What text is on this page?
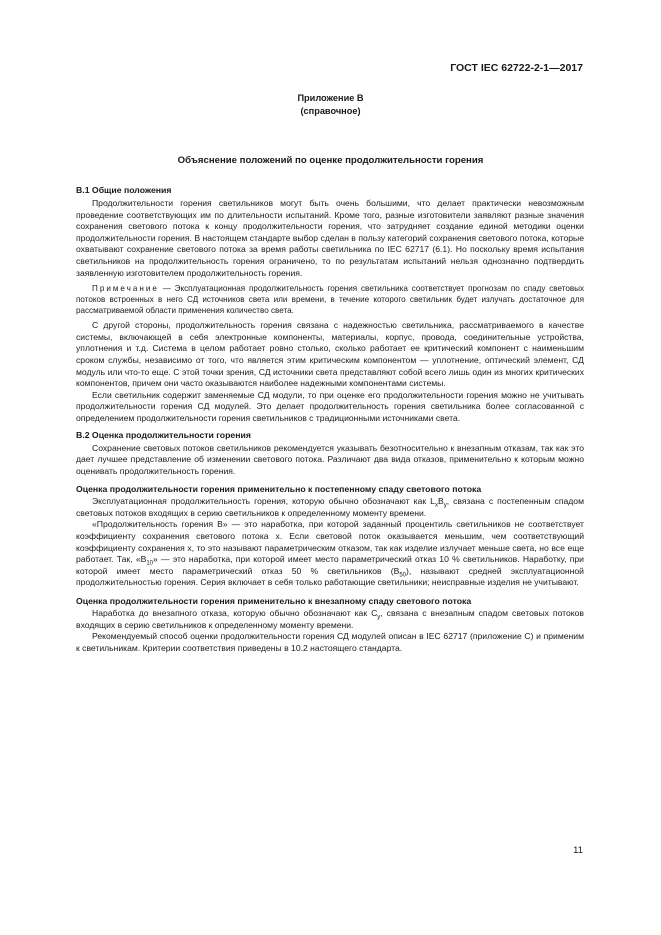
ГОСТ IEC 62722-2-1—2017
Приложение В
(справочное)
Объяснение положений по оценке продолжительности горения
В.1 Общие положения

Продолжительности горения светильников могут быть очень большими, что делает практически невозможным проведение соответствующих им по длительности испытаний. Кроме того, разные изготовители заявляют разные значения сохранения светового потока к концу продолжительности горения, что затрудняет создание единой методики оценки продолжительности горения. В настоящем стандарте выбор сделан в пользу категорий сохранения светового потока, которые охватывают сохранение светового потока за время работы светильника по IEC 62717 (6.1). Но поскольку время испытания светильников на продолжительность горения ограничено, то по результатам испытаний нельзя однозначно подтвердить заявленную изготовителем продолжительность горения.

Примечание — Эксплуатационная продолжительность горения светильника соответствует прогнозам по спаду световых потоков встроенных в него СД источников света или времени, в течение которого светильник будет излучать достаточное для рассматриваемой области применения количество света.

С другой стороны, продолжительность горения связана с надежностью светильника, рассматриваемого в качестве системы, включающей в себя электронные компоненты, материалы, корпус, провода, соединительные устройства, уплотнения и т.д. Система в целом работает ровно столько, сколько работает ее критический компонент с наименьшим сроком службы, независимо от того, что является этим критическим компонентом — уплотнение, оптический элемент, СД модуль или что-то еще. С этой точки зрения, СД источники света представляют собой всего лишь один из многих критических компонентов, причем они часто оказываются наиболее надежными компонентами системы.

Если светильник содержит заменяемые СД модули, то при оценке его продолжительности горения можно не учитывать продолжительности горения СД модулей. Это делает продолжительность горения светильника более согласованной с определением продолжительности горения светильников с традиционными источниками света.

В.2 Оценка продолжительности горения

Сохранение световых потоков светильников рекомендуется указывать безотносительно к внезапным отказам, так как это дает лучшее представление об изменении светового потока. Различают два вида отказов, применительно к которым можно оценивать продолжительность горения.

Оценка продолжительности горения применительно к постепенному спаду светового потока

Эксплуатационная продолжительность горения, которую обычно обозначают как $L_xB_y$, связана с постепенным спадом световых потоков входящих в серию светильников к определенному моменту времени.

«Продолжительность горения B» — это наработка, при которой заданный процентиль светильников не соответствует коэффициенту сохранения светового потока x. Если световой поток оказывается меньшим, чем соответствующий коэффициенту сохранения x, то это называют параметрическим отказом, так как изделие излучает меньше света, но все еще работает. Так, «$B_{10}$» — это наработка, при которой имеет место параметрический отказ 10 % светильников. Наработку, при которой имеет место параметрический отказ 50 % светильников $(B_{50})$, называют средней эксплуатационной продолжительностью горения. Серия включает в себя только работающие светильники; неисправные изделия не учитывают.

Оценка продолжительности горения применительно к внезапному спаду светового потока

Наработка до внезапного отказа, которую обычно обозначают как $C_y$, связана с внезапным спадом световых потоков входящих в серию светильников к определенному моменту времени.

Рекомендуемый способ оценки продолжительности горения СД модулей описан в IEC 62717 (приложение С) и применим к светильникам. Критерии соответствия приведены в 10.2 настоящего стандарта.

11
